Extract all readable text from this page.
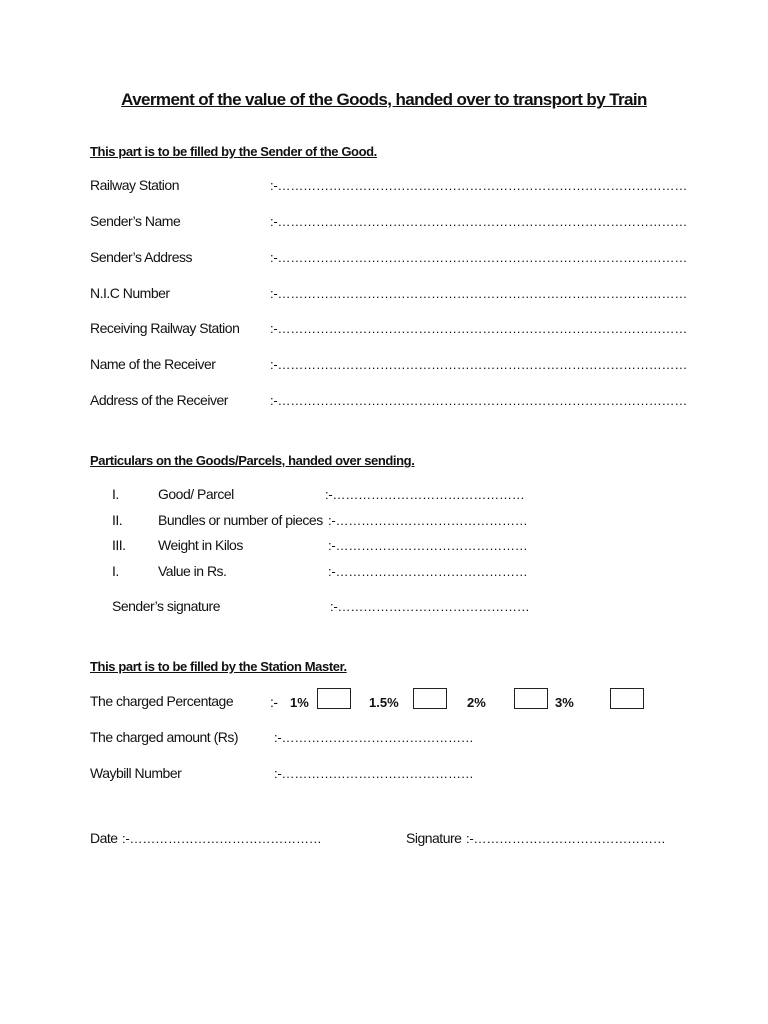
Averment of the value of the Goods, handed over to transport by Train
This part is to be filled by the Sender of the Good.
Railway Station	:-……………………………………………………………………………………
Sender’s Name	:-……………………………………………………………………………………
Sender’s Address	:-……………………………………………………………………………………
N.I.C Number	:-……………………………………………………………………………………
Receiving Railway Station :-……………………………………………………………………………………
Name of the Receiver	:-……………………………………………………………………………………
Address of the Receiver	:-……………………………………………………………………………………
Particulars on the Goods/Parcels, handed over sending.
I.	Good/ Parcel	:-………………………………………
II.	Bundles or number of pieces :-………………………………………
III. Weight in Kilos	:-………………………………………
I.	Value in Rs.	:-………………………………………
Sender’s signature	:-………………………………………
This part is to be filled by the Station Master.
The charged Percentage	:- 1%	1.5%	2%	3%
The charged amount (Rs)	:-………………………………………
Waybill Number	:-………………………………………
Date :-………………………………………	Signature :-………………………………………
